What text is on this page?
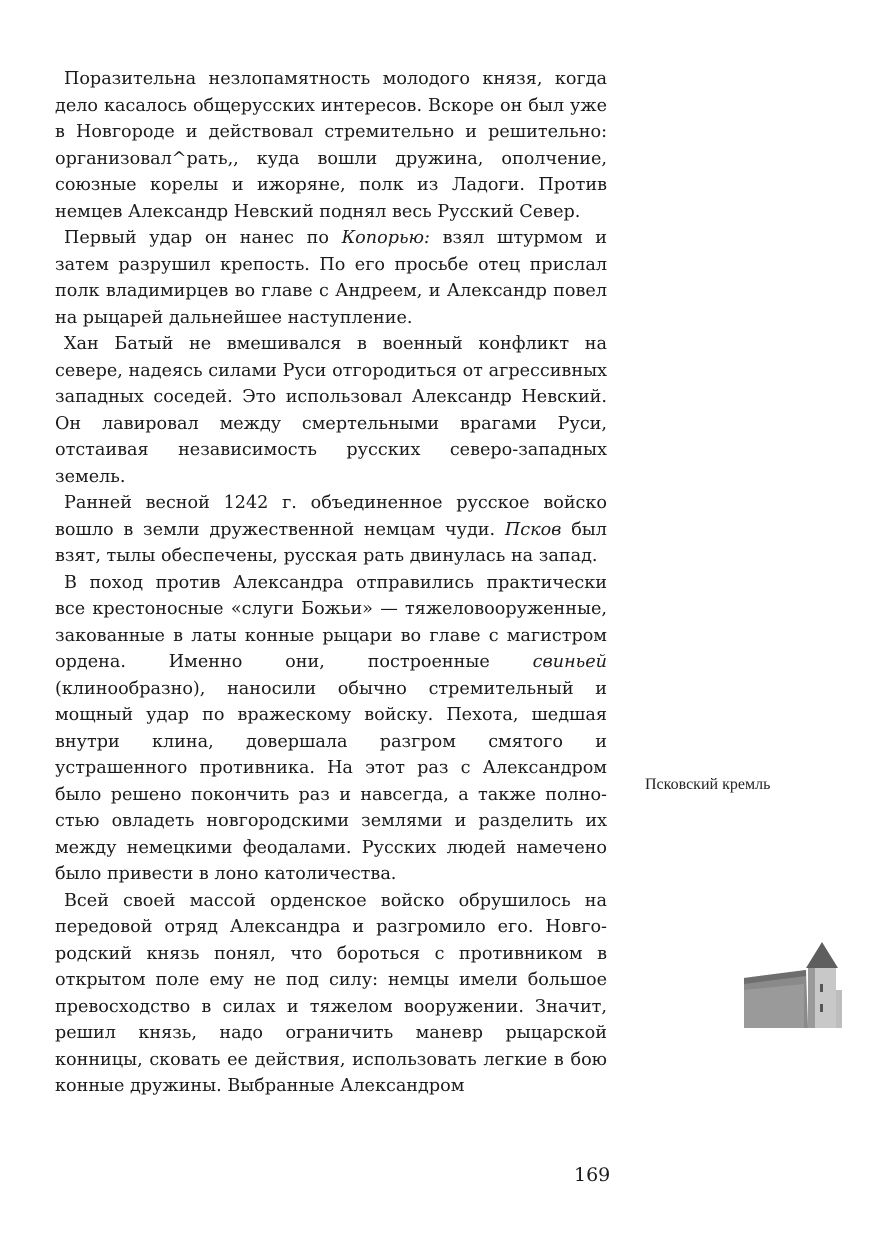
Поразительна незлопамятность молодого князя, когда дело касалось общерусских интересов. Вскоре он был уже в Новгороде и действовал стремительно и решительно: организовал^рать,, куда вошли дружина, ополчение, союзные корелы и ижоряне, полк из Ладоги. Против немцев Александр Невский поднял весь Русский Север.

Первый удар он нанес по Копорью: взял штурмом и затем разрушил крепость. По его просьбе отец прислал полк владимирцев во главе с Андреем, и Александр повел на рыцарей дальнейшее наступление.

Хан Батый не вмешивался в военный конфликт на севере, надеясь силами Руси отгородиться от агрессивных западных соседей. Это использовал Александр Невский. Он лавировал между смертельными врагами Руси, отстаивая независимость русских северо-западных земель.

Ранней весной 1242 г. объединенное русское войско вошло в земли дружественной немцам чуди. Псков был взят, тылы обеспечены, русская рать двинулась на запад.

В поход против Александра отправились практически все крестоносные «слуги Божьи» — тяжеловооруженные, закованные в латы конные рыцари во главе с магистром ордена. Именно они, построенные свиньей (клинообразно), наносили обычно стремительный и мощный удар по вражескому войску. Пехота, шедшая внутри клина, довершала разгром смятого и устрашенного противника. На этот раз с Александром было решено покончить раз и навсегда, а также полностью овладеть новгородскими землями и разделить их между немецкими феодалами. Русских людей намечено было привести в лоно католичества.

Всей своей массой орденское войско обрушилось на передовой отряд Александра и разгромило его. Новгородский князь понял, что бороться с противником в открытом поле ему не под силу: немцы имели большое превосходство в силах и тяжелом вооружении. Значит, решил князь, надо ограничить маневр рыцарской конницы, сковать ее действия, использовать легкие в бою конные дружины. Выбранные Александром

Псковский кремль
169
